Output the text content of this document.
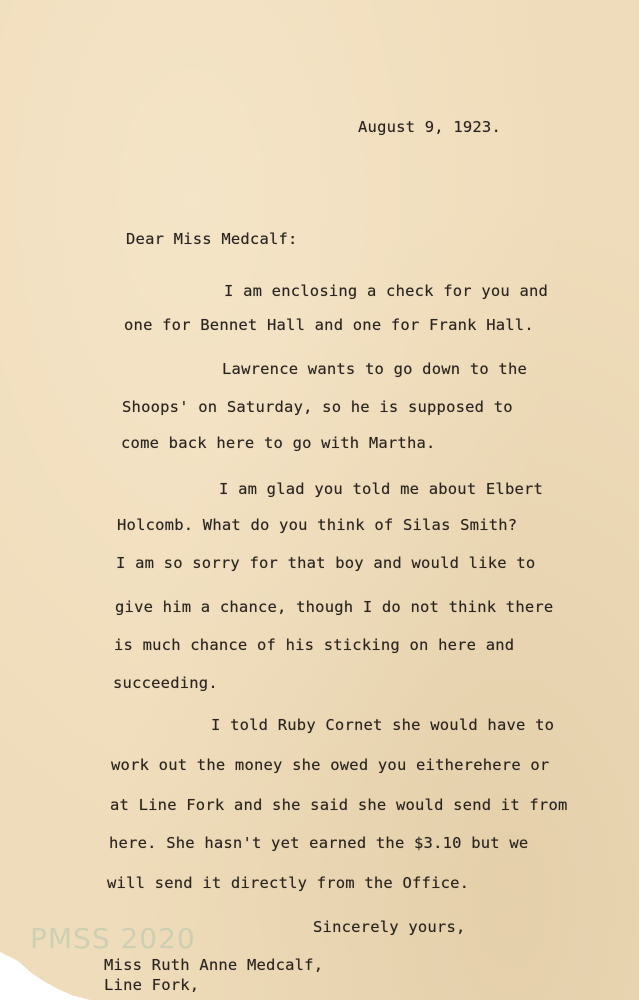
August 9, 1923.
Dear Miss Medcalf:
I am enclosing a check for you and
one for Bennet Hall and one for Frank Hall.
Lawrence wants to go down to the
Shoops' on Saturday, so he is supposed to
come back here to go with Martha.
I am glad you told me about Elbert
Holcomb. What do you think of Silas Smith?
I am so sorry for that boy and would like to
give him a chance, though I do not think there
is much chance of his sticking on here and
succeeding.
I told Ruby Cornet she would have to
work out the money she owed you eitherehere or
at Line Fork and she said she would send it from
here. She hasn't yet earned the $3.10 but we
will send it directly from the Office.
Sincerely yours,
Miss Ruth Anne Medcalf,
Line Fork,
PMSS 2020
